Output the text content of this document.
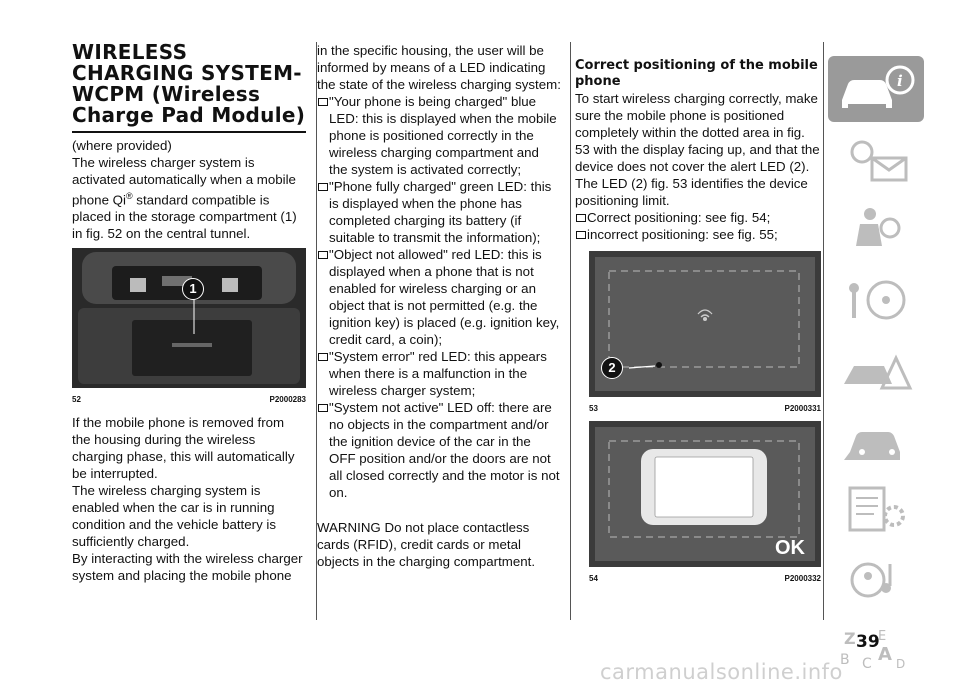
WIRELESS CHARGING SYSTEM- WCPM (Wireless Charge Pad Module)

(where provided)

The wireless charger system is activated automatically when a mobile phone Qi® standard compatible is placed in the storage compartment (1) in fig. 52 on the central tunnel.

1
52	P2000283

If the mobile phone is removed from the housing during the wireless charging phase, this will automatically be interrupted.

The wireless charging system is enabled when the car is in running condition and the vehicle battery is sufficiently charged.

By interacting with the wireless charger system and placing the mobile phone

in the specific housing, the user will be informed by means of a LED indicating the state of the wireless charging system:

"Your phone is being charged" blue LED: this is displayed when the mobile phone is positioned correctly in the wireless charging compartment and the system is activated correctly;
"Phone fully charged" green LED: this is displayed when the phone has completed charging its battery (if suitable to transmit the information);
"Object not allowed" red LED: this is displayed when a phone that is not enabled for wireless charging or an object that is not permitted (e.g. the ignition key) is placed (e.g. ignition key, credit card, a coin);
"System error" red LED: this appears when there is a malfunction in the wireless charger system;
"System not active" LED off: there are no objects in the compartment and/or the ignition device of the car in the OFF position and/or the doors are not all closed correctly and the motor is not on.

WARNING Do not place contactless cards (RFID), credit cards or metal objects in the charging compartment.

Correct positioning of the mobile phone

To start wireless charging correctly, make sure the mobile phone is positioned completely within the dotted area in fig. 53 with the display facing up, and that the device does not cover the alert LED (2). The LED (2) fig. 53 identifies the device positioning limit.

Correct positioning: see fig. 54;
incorrect positioning: see fig. 55;
2
53	P2000331
OK
54	P2000332
i
Z E
B C A D
39
carmanualsonline.info
